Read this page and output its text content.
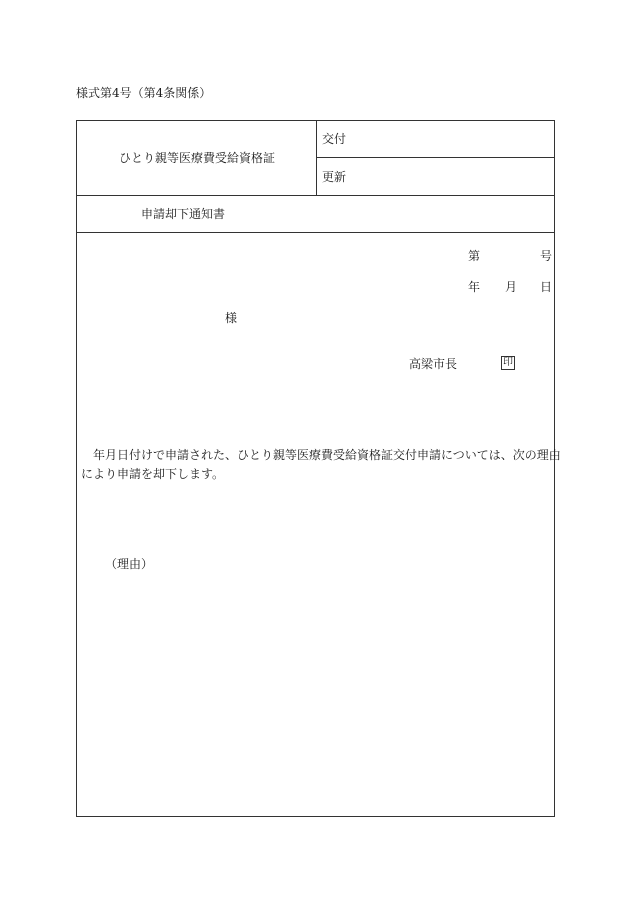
様式第4号（第4条関係）
ひとり親等医療費受給資格証
交付
更新
申請却下通知書
第	号
年 月 日
様
高梁市長	印
年月日付けで申請された、ひとり親等医療費受給資格証交付申請については、次の理由
により申請を却下します。
（理由）
